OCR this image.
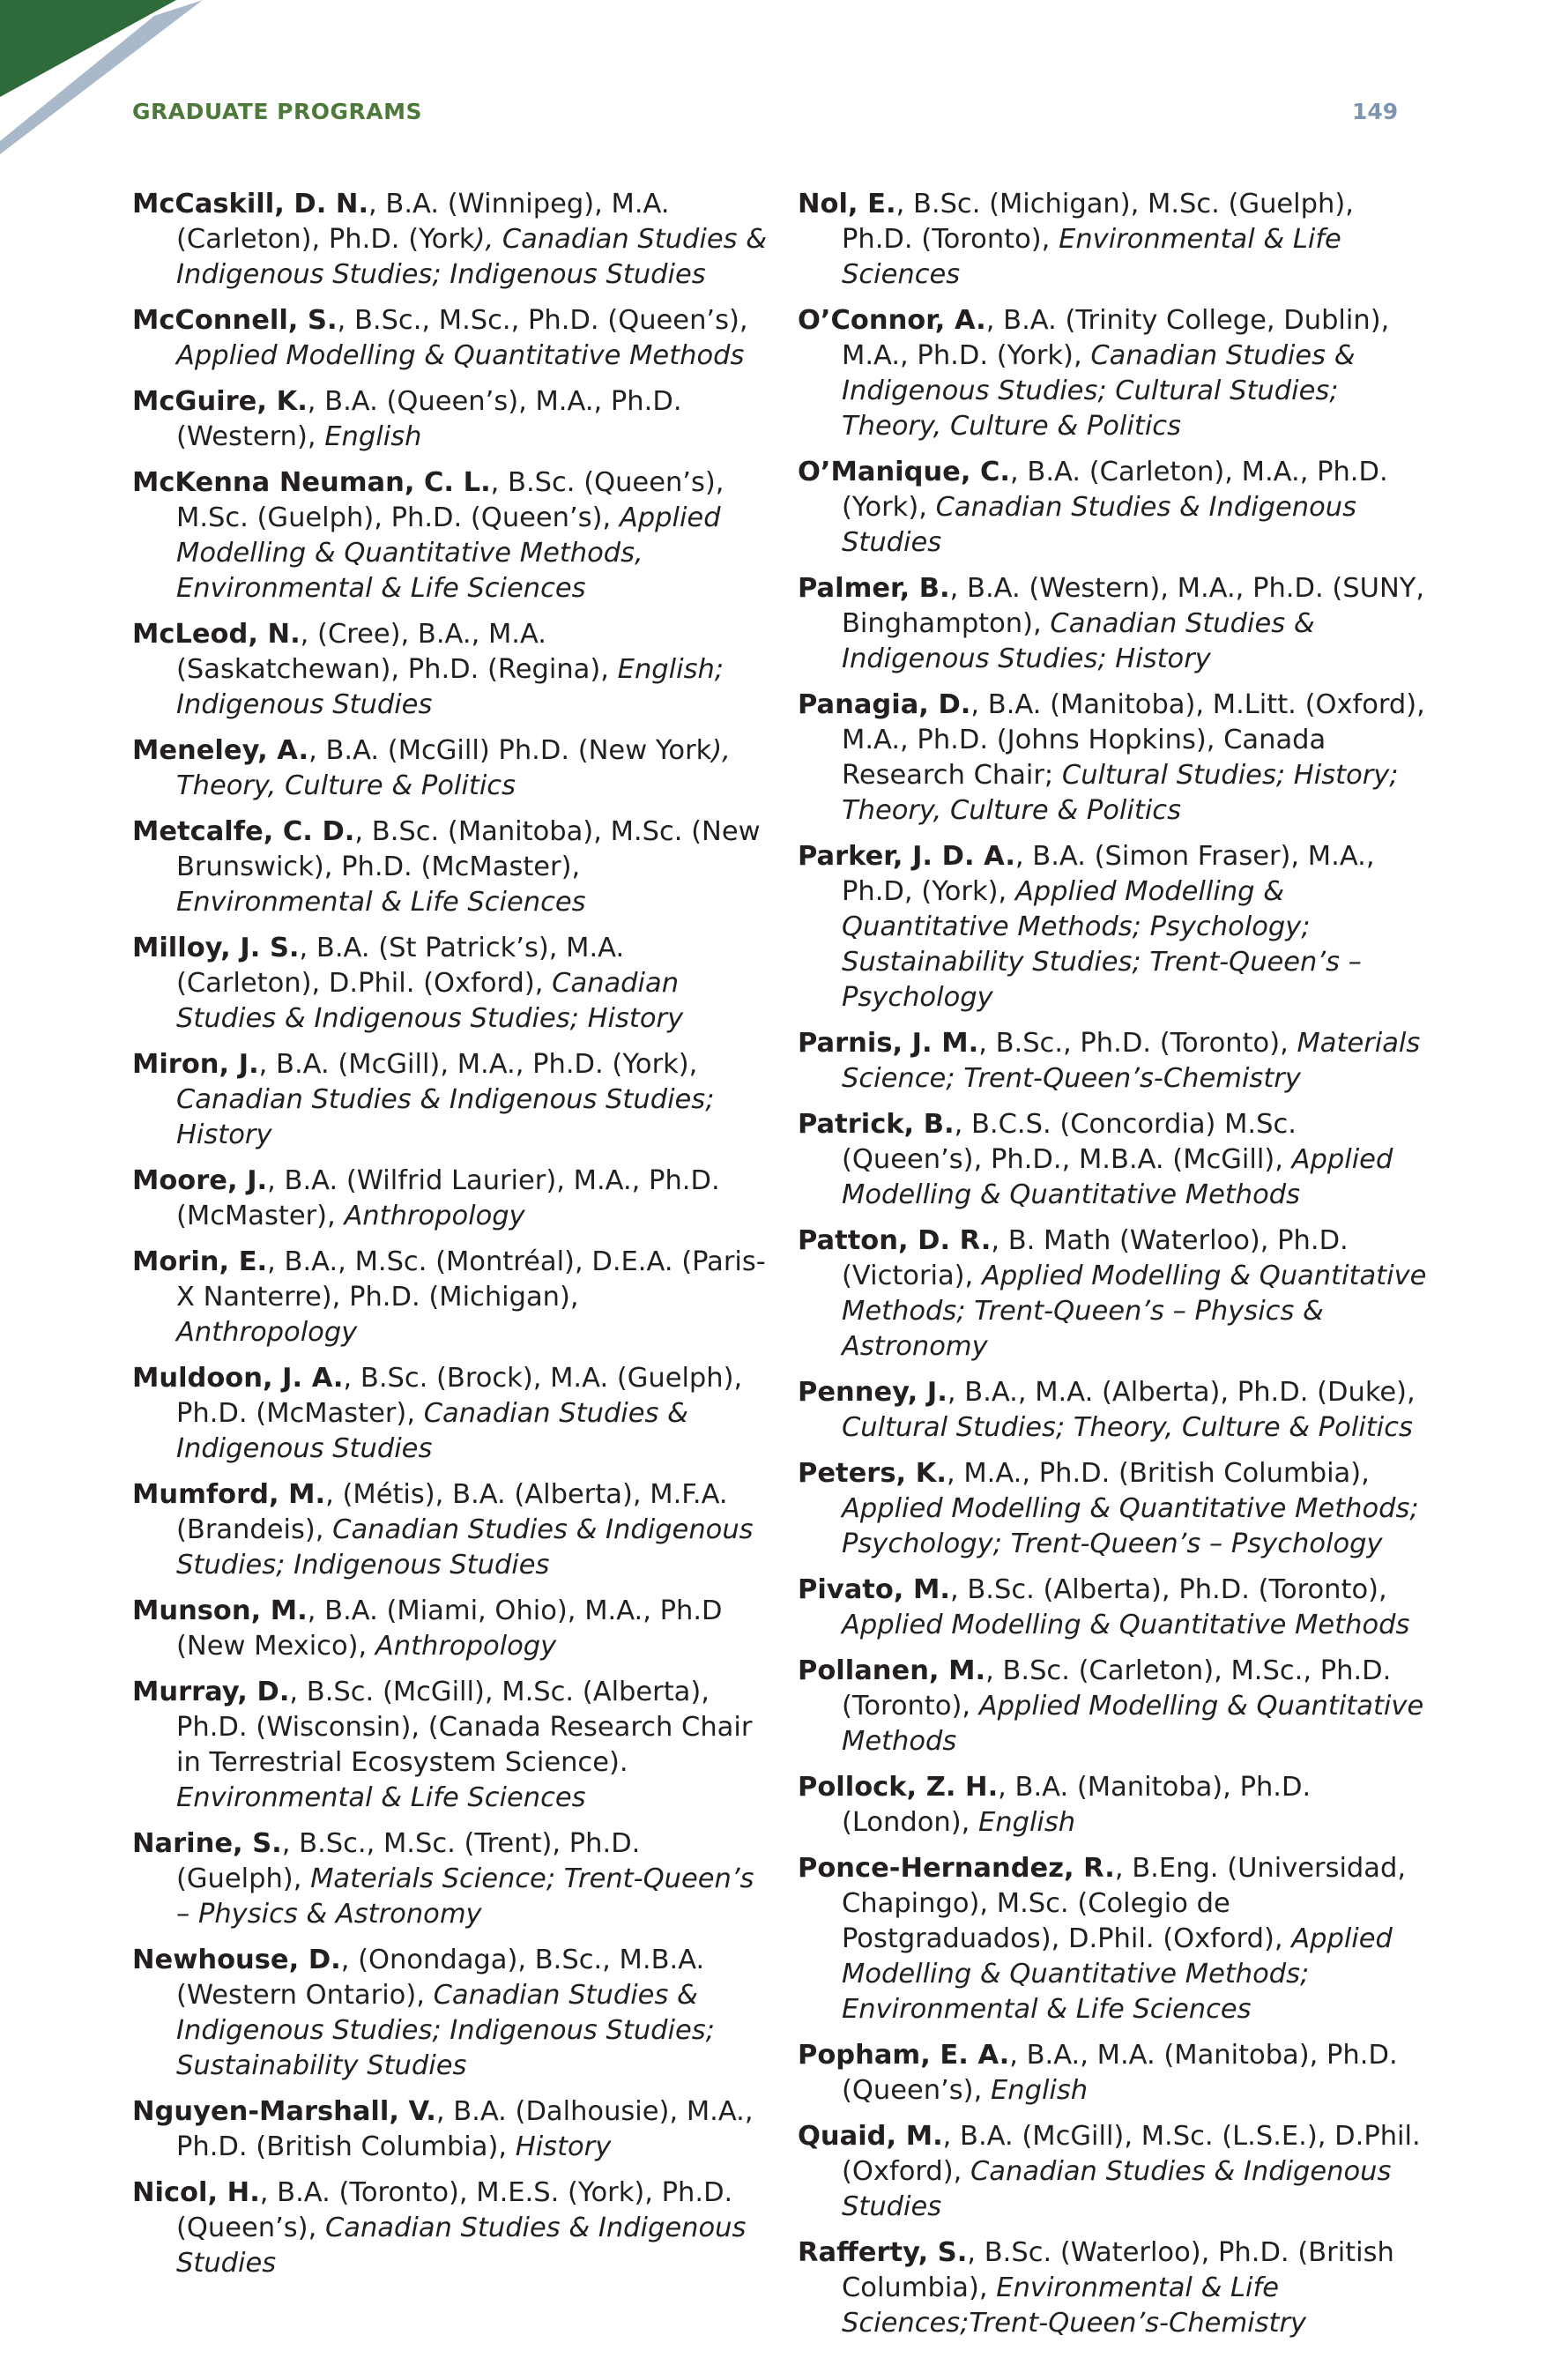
GRADUATE PROGRAMS	149

McCaskill, D. N., B.A. (Winnipeg), M.A. (Carleton), Ph.D. (York), Canadian Studies & Indigenous Studies; Indigenous Studies

McConnell, S., B.Sc., M.Sc., Ph.D. (Queen’s), Applied Modelling & Quantitative Methods

McGuire, K., B.A. (Queen’s), M.A., Ph.D. (Western), English

McKenna Neuman, C. L., B.Sc. (Queen’s), M.Sc. (Guelph), Ph.D. (Queen’s), Applied Modelling & Quantitative Methods, Environmental & Life Sciences

McLeod, N., (Cree), B.A., M.A. (Saskatchewan), Ph.D. (Regina), English; Indigenous Studies

Meneley, A., B.A. (McGill) Ph.D. (New York), Theory, Culture & Politics

Metcalfe, C. D., B.Sc. (Manitoba), M.Sc. (New Brunswick), Ph.D. (McMaster), Environmental & Life Sciences

Milloy, J. S., B.A. (St Patrick’s), M.A. (Carleton), D.Phil. (Oxford), Canadian Studies & Indigenous Studies; History

Miron, J., B.A. (McGill), M.A., Ph.D. (York), Canadian Studies & Indigenous Studies; History

Moore, J., B.A. (Wilfrid Laurier), M.A., Ph.D. (McMaster), Anthropology

Morin, E., B.A., M.Sc. (Montréal), D.E.A. (Paris-X Nanterre), Ph.D. (Michigan), Anthropology

Muldoon, J. A., B.Sc. (Brock), M.A. (Guelph), Ph.D. (McMaster), Canadian Studies & Indigenous Studies

Mumford, M., (Métis), B.A. (Alberta), M.F.A. (Brandeis), Canadian Studies & Indigenous Studies; Indigenous Studies

Munson, M., B.A. (Miami, Ohio), M.A., Ph.D (New Mexico), Anthropology

Murray, D., B.Sc. (McGill), M.Sc. (Alberta), Ph.D. (Wisconsin), (Canada Research Chair in Terrestrial Ecosystem Science). Environmental & Life Sciences

Narine, S., B.Sc., M.Sc. (Trent), Ph.D. (Guelph), Materials Science; Trent-Queen’s – Physics & Astronomy

Newhouse, D., (Onondaga), B.Sc., M.B.A. (Western Ontario), Canadian Studies & Indigenous Studies; Indigenous Studies; Sustainability Studies

Nguyen-Marshall, V., B.A. (Dalhousie), M.A., Ph.D. (British Columbia), History

Nicol, H., B.A. (Toronto), M.E.S. (York), Ph.D. (Queen’s), Canadian Studies & Indigenous Studies

Nol, E., B.Sc. (Michigan), M.Sc. (Guelph), Ph.D. (Toronto), Environmental & Life Sciences

O’Connor, A., B.A. (Trinity College, Dublin), M.A., Ph.D. (York), Canadian Studies & Indigenous Studies; Cultural Studies; Theory, Culture & Politics

O’Manique, C., B.A. (Carleton), M.A., Ph.D. (York), Canadian Studies & Indigenous Studies

Palmer, B., B.A. (Western), M.A., Ph.D. (SUNY, Binghampton), Canadian Studies & Indigenous Studies; History

Panagia, D., B.A. (Manitoba), M.Litt. (Oxford), M.A., Ph.D. (Johns Hopkins), Canada Research Chair; Cultural Studies; History; Theory, Culture & Politics

Parker, J. D. A., B.A. (Simon Fraser), M.A., Ph.D, (York), Applied Modelling & Quantitative Methods; Psychology; Sustainability Studies; Trent-Queen’s – Psychology

Parnis, J. M., B.Sc., Ph.D. (Toronto), Materials Science; Trent-Queen’s-Chemistry

Patrick, B., B.C.S. (Concordia) M.Sc. (Queen’s), Ph.D., M.B.A. (McGill), Applied Modelling & Quantitative Methods

Patton, D. R., B. Math (Waterloo), Ph.D. (Victoria), Applied Modelling & Quantitative Methods; Trent-Queen’s – Physics & Astronomy

Penney, J., B.A., M.A. (Alberta), Ph.D. (Duke), Cultural Studies; Theory, Culture & Politics

Peters, K., M.A., Ph.D. (British Columbia), Applied Modelling & Quantitative Methods; Psychology; Trent-Queen’s – Psychology

Pivato, M., B.Sc. (Alberta), Ph.D. (Toronto), Applied Modelling & Quantitative Methods

Pollanen, M., B.Sc. (Carleton), M.Sc., Ph.D. (Toronto), Applied Modelling & Quantitative Methods

Pollock, Z. H., B.A. (Manitoba), Ph.D. (London), English

Ponce-Hernandez, R., B.Eng. (Universidad, Chapingo), M.Sc. (Colegio de Postgraduados), D.Phil. (Oxford), Applied Modelling & Quantitative Methods; Environmental & Life Sciences

Popham, E. A., B.A., M.A. (Manitoba), Ph.D. (Queen’s), English

Quaid, M., B.A. (McGill), M.Sc. (L.S.E.), D.Phil. (Oxford), Canadian Studies & Indigenous Studies

Rafferty, S., B.Sc. (Waterloo), Ph.D. (British Columbia), Environmental & Life Sciences;Trent-Queen’s-Chemistry
